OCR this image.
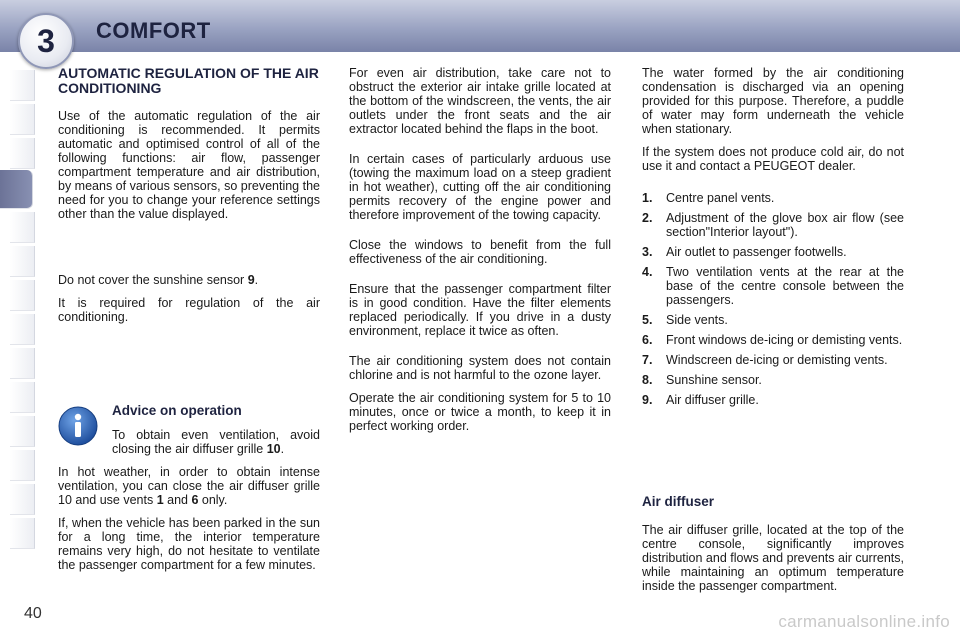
3	COMFORT
AUTOMATIC REGULATION OF THE AIR CONDITIONING

Use of the automatic regulation of the air conditioning is recommended. It permits automatic and optimised control of all of the following functions: air flow, passenger compartment temperature and air distribution, by means of various sensors, so preventing the need for you to change your reference settings other than the value displayed.

Do not cover the sunshine sensor 9.

It is required for regulation of the air conditioning.

Advice on operation

To obtain even ventilation, avoid closing the air diffuser grille 10.

In hot weather, in order to obtain intense ventilation, you can close the air diffuser grille 10 and use vents 1 and 6 only.

If, when the vehicle has been parked in the sun for a long time, the interior temperature remains very high, do not hesitate to ventilate the passenger compartment for a few minutes.

For even air distribution, take care not to obstruct the exterior air intake grille located at the bottom of the windscreen, the vents, the air outlets under the front seats and the air extractor located behind the flaps in the boot.

In certain cases of particularly arduous use (towing the maximum load on a steep gradient in hot weather), cutting off the air conditioning permits recovery of the engine power and therefore improvement of the towing capacity.

Close the windows to benefit from the full effectiveness of the air conditioning.

Ensure that the passenger compartment filter is in good condition. Have the filter elements replaced periodically. If you drive in a dusty environment, replace it twice as often.

The air conditioning system does not contain chlorine and is not harmful to the ozone layer.

Operate the air conditioning system for 5 to 10 minutes, once or twice a month, to keep it in perfect working order.

The water formed by the air conditioning condensation is discharged via an opening provided for this purpose. Therefore, a puddle of water may form underneath the vehicle when stationary.

If the system does not produce cold air, do not use it and contact a PEUGEOT dealer.

1. Centre panel vents.
2. Adjustment of the glove box air flow (see section"Interior layout").
3. Air outlet to passenger footwells.
4. Two ventilation vents at the rear at the base of the centre console between the passengers.
5. Side vents.
6. Front windows de-icing or demisting vents.
7. Windscreen de-icing or demisting vents.
8. Sunshine sensor.
9. Air diffuser grille.
Air diffuser

The air diffuser grille, located at the top of the centre console, significantly improves distribution and flows and prevents air currents, while maintaining an optimum temperature inside the passenger compartment.

40	carmanualsonline.info
